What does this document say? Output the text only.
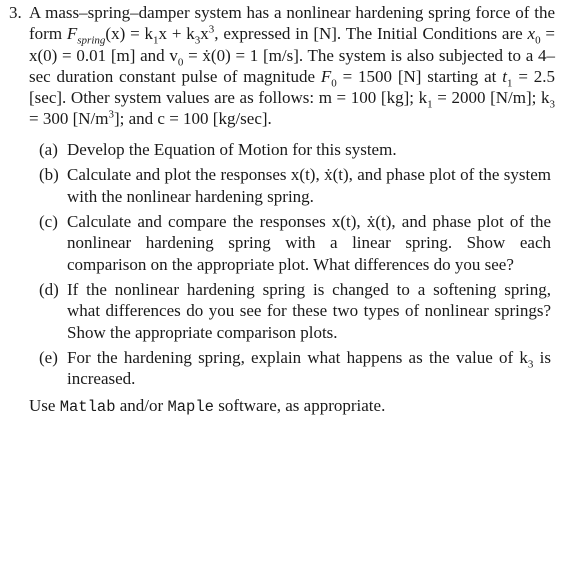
3. A mass–spring–damper system has a nonlinear hardening spring force of the form $F_{spring}(x) = k_1x + k_3x^3$, expressed in [N]. The Initial Conditions are $x_0 = x(0) = 0.01$ [m] and $v_0$ = ẋ(0) = 1 [m/s]. The system is also subjected to a 4–sec duration constant pulse of magnitude $F_0 = 1500$ [N] starting at $t_1 = 2.5$ [sec]. Other system values are as follows: m = 100 [kg]; $k_1 = 2000$ [N/m]; $k_3 = 300$ $[N/m^3]$; and c = 100 [kg/sec].
(a) Develop the Equation of Motion for this system.
(b) Calculate and plot the responses x(t), ẋ(t), and phase plot of the system with the nonlinear hardening spring.
(c) Calculate and compare the responses x(t), ẋ(t), and phase plot of the nonlinear hardening spring with a linear spring. Show each comparison on the appropriate plot. What differences do you see?
(d) If the nonlinear hardening spring is changed to a softening spring, what differences do you see for these two types of nonlinear springs? Show the appropriate comparison plots.
(e) For the hardening spring, explain what happens as the value of $k_3$ is increased.
Use Matlab and/or Maple software, as appropriate.
